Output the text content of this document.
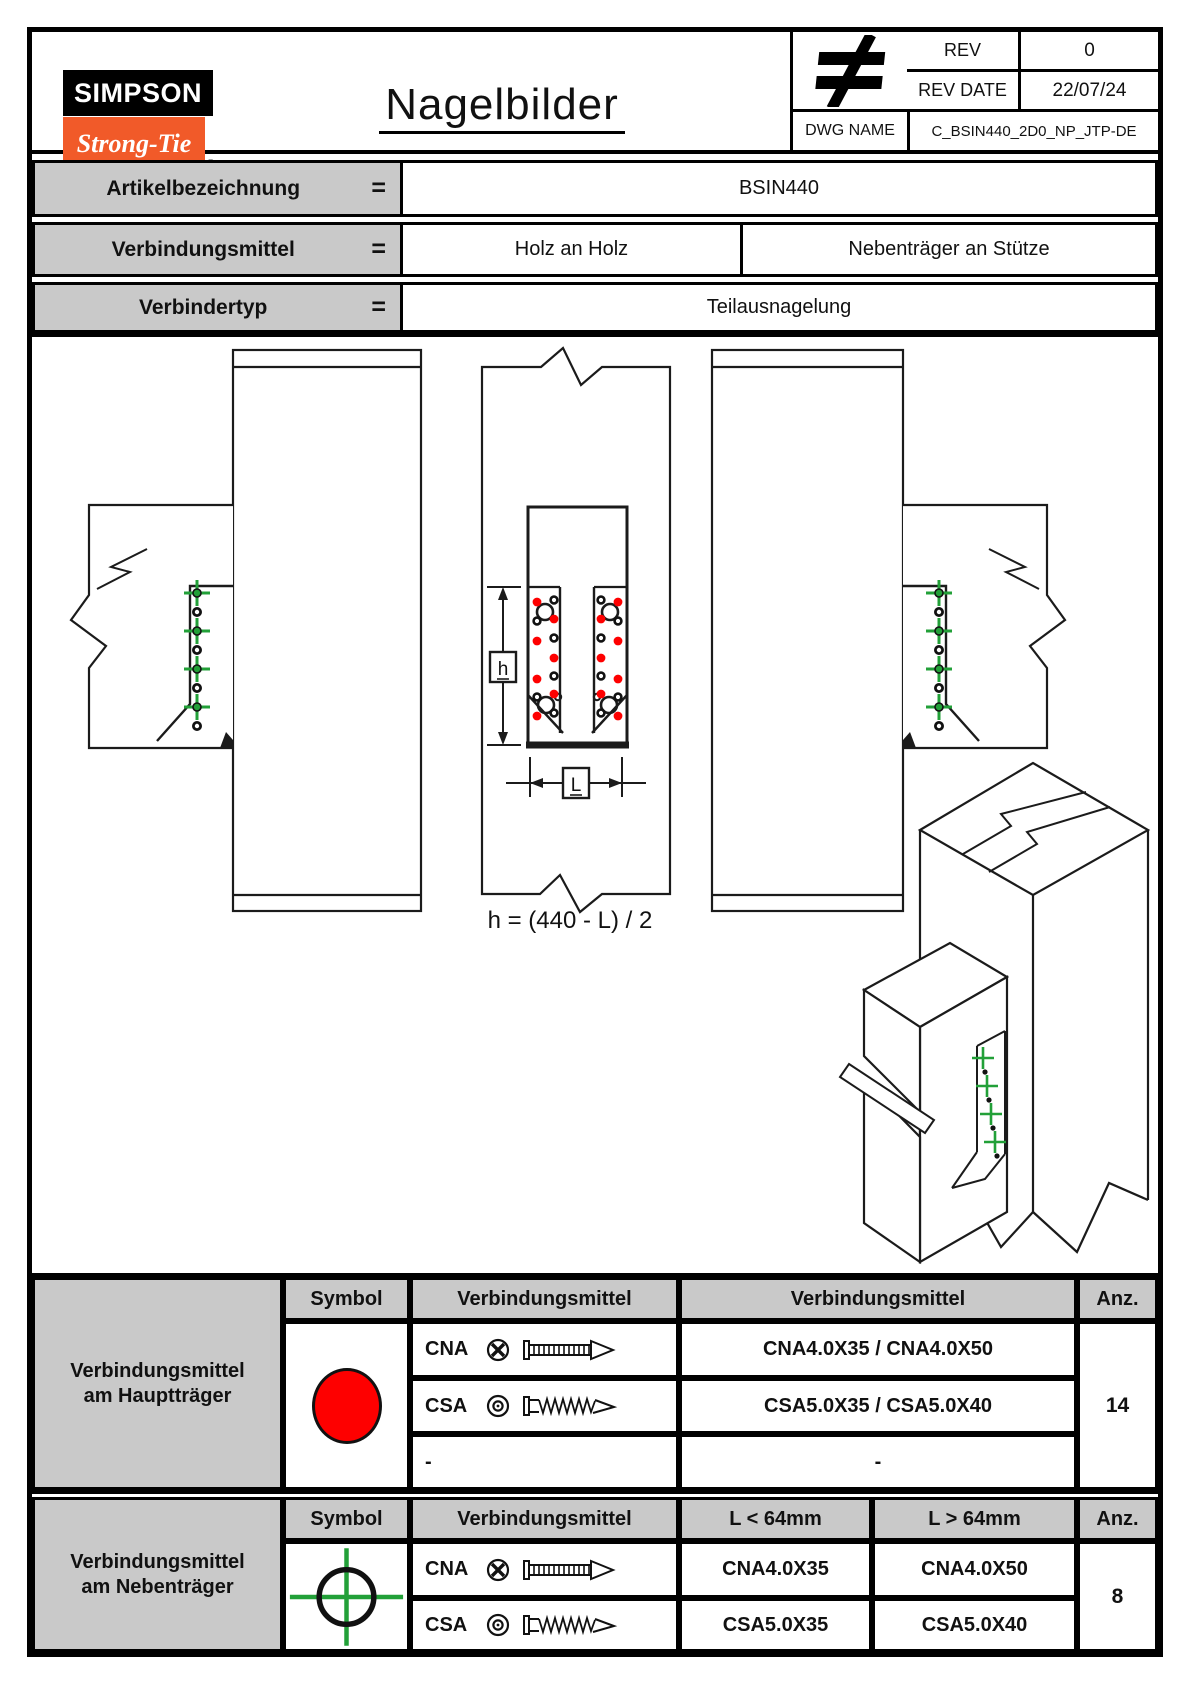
h
L
h = (440 - L) / 2
SIMPSON
Strong-Tie
Nagelbilder
REV	0
REV DATE 22/07/24
DWG NAME C_BSIN440_2D0_NP_JTP-DE
Artikelbezeichnung	=	BSIN440
Verbindungsmittel	=	Holz an Holz	Nebenträger an Stütze
Verbindertyp	=	Teilausnagelung
Verbindungsmittel
am Hauptträger
Symbol	Verbindungsmittel	Verbindungsmittel	Anz.
CNA	CNA4.0X35 / CNA4.0X50
CSA	CSA5.0X35 / CSA5.0X40
-	-
14
Verbindungsmittel
am Nebenträger
Symbol	Verbindungsmittel	L < 64mm	L > 64mm	Anz.
CNA	CNA4.0X35	CNA4.0X50
CSA	CSA5.0X35	CSA5.0X40
8
